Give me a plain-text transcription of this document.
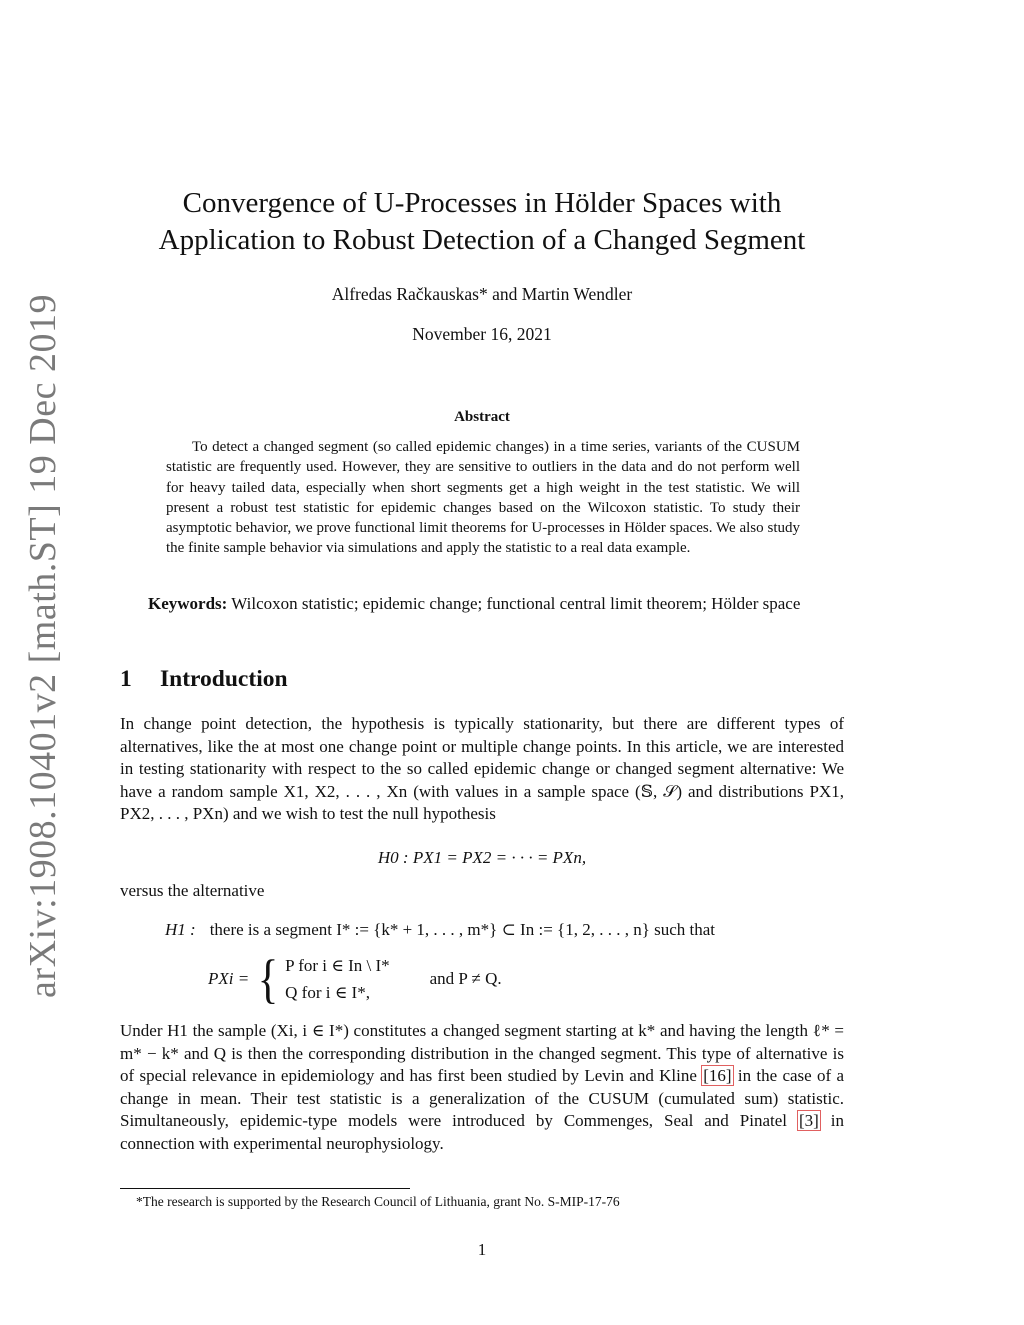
arXiv:1908.10401v2 [math.ST] 19 Dec 2019
Convergence of U-Processes in Hölder Spaces with
Application to Robust Detection of a Changed Segment
Alfredas Račkauskas* and Martin Wendler
November 16, 2021
Abstract

To detect a changed segment (so called epidemic changes) in a time series, variants of the CUSUM statistic are frequently used. However, they are sensitive to outliers in the data and do not perform well for heavy tailed data, especially when short segments get a high weight in the test statistic. We will present a robust test statistic for epidemic changes based on the Wilcoxon statistic. To study their asymptotic behavior, we prove functional limit theorems for U-processes in Hölder spaces. We also study the finite sample behavior via simulations and apply the statistic to a real data example.

Keywords: Wilcoxon statistic; epidemic change; functional central limit theorem; Hölder space

1 Introduction

In change point detection, the hypothesis is typically stationarity, but there are different types of alternatives, like the at most one change point or multiple change points. In this article, we are interested in testing stationarity with respect to the so called epidemic change or changed segment alternative: We have a random sample X1, X2, . . . , Xn (with values in a sample space (𝕊, 𝒮) and distributions PX1, PX2, . . . , PXn) and we wish to test the null hypothesis

H0 : PX1 = PX2 = · · · = PXn,

versus the alternative

H1 : there is a segment I* := {k* + 1, . . . , m*} ⊂ In := {1, 2, . . . , n} such that
PXi = { P for i ∈ In \ I*
Q for i ∈ I*,
and P ≠ Q.

Under H1 the sample (Xi, i ∈ I*) constitutes a changed segment starting at k* and having the length ℓ* = m* − k* and Q is then the corresponding distribution in the changed segment. This type of alternative is of special relevance in epidemiology and has first been studied by Levin and Kline [16] in the case of a change in mean. Their test statistic is a generalization of the CUSUM (cumulated sum) statistic. Simultaneously, epidemic-type models were introduced by Commenges, Seal and Pinatel [3] in connection with experimental neurophysiology.

*The research is supported by the Research Council of Lithuania, grant No. S-MIP-17-76

1
